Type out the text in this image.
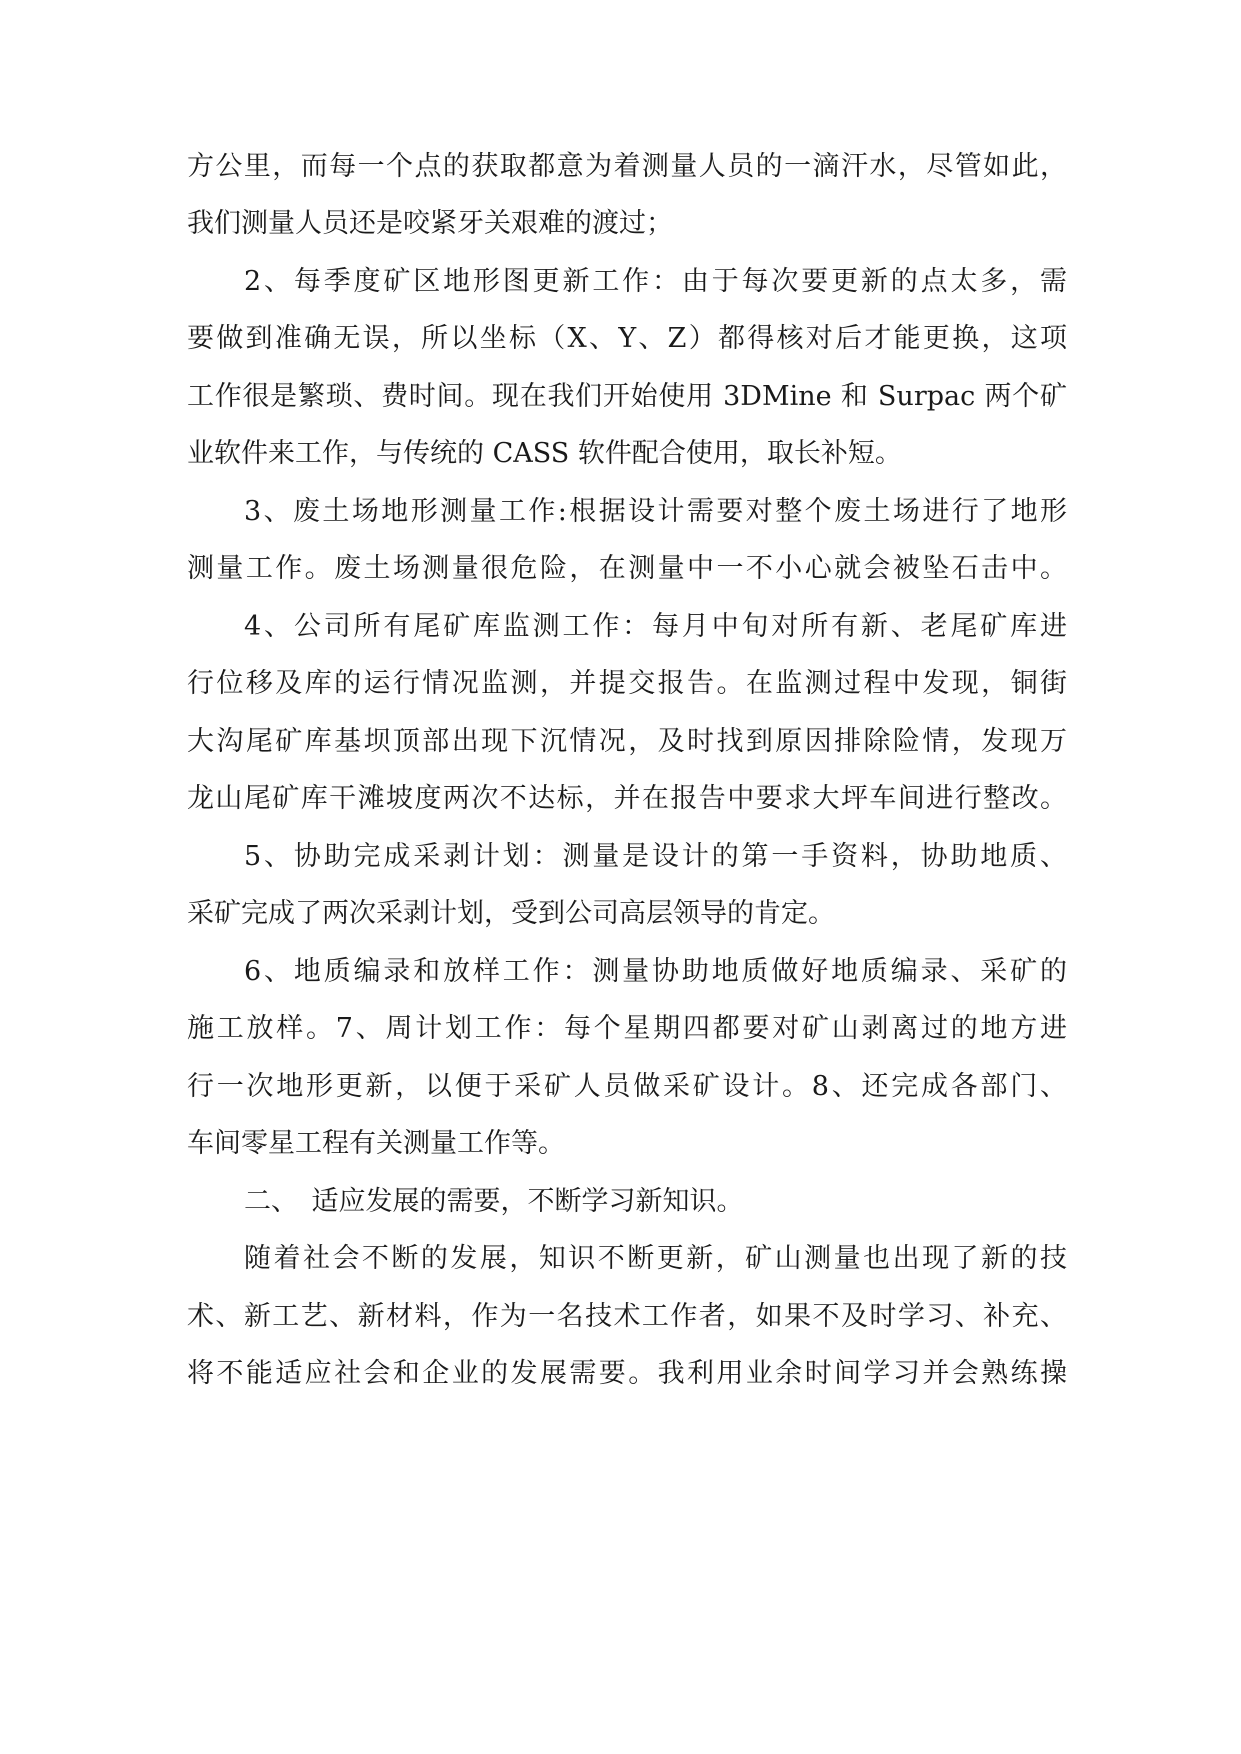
方公里，而每一个点的获取都意为着测量人员的一滴汗水，尽管如此，

我们测量人员还是咬紧牙关艰难的渡过；

2、每季度矿区地形图更新工作：由于每次要更新的点太多，需

要做到准确无误，所以坐标（X、Y、Z）都得核对后才能更换，这项

工作很是繁琐、费时间。现在我们开始使用 3DMine 和 Surpac 两个矿

业软件来工作，与传统的 CASS 软件配合使用，取长补短。

3、废土场地形测量工作:根据设计需要对整个废土场进行了地形

测量工作。废土场测量很危险，在测量中一不小心就会被坠石击中。

4、公司所有尾矿库监测工作：每月中旬对所有新、老尾矿库进

行位移及库的运行情况监测，并提交报告。在监测过程中发现，铜街

大沟尾矿库基坝顶部出现下沉情况，及时找到原因排除险情，发现万

龙山尾矿库干滩坡度两次不达标，并在报告中要求大坪车间进行整改。

5、协助完成采剥计划：测量是设计的第一手资料，协助地质、

采矿完成了两次采剥计划，受到公司高层领导的肯定。

6、地质编录和放样工作：测量协助地质做好地质编录、采矿的

施工放样。7、周计划工作：每个星期四都要对矿山剥离过的地方进

行一次地形更新，以便于采矿人员做采矿设计。8、还完成各部门、

车间零星工程有关测量工作等。

二、　适应发展的需要，不断学习新知识。

随着社会不断的发展，知识不断更新，矿山测量也出现了新的技

术、新工艺、新材料，作为一名技术工作者，如果不及时学习、补充、

将不能适应社会和企业的发展需要。我利用业余时间学习并会熟练操
